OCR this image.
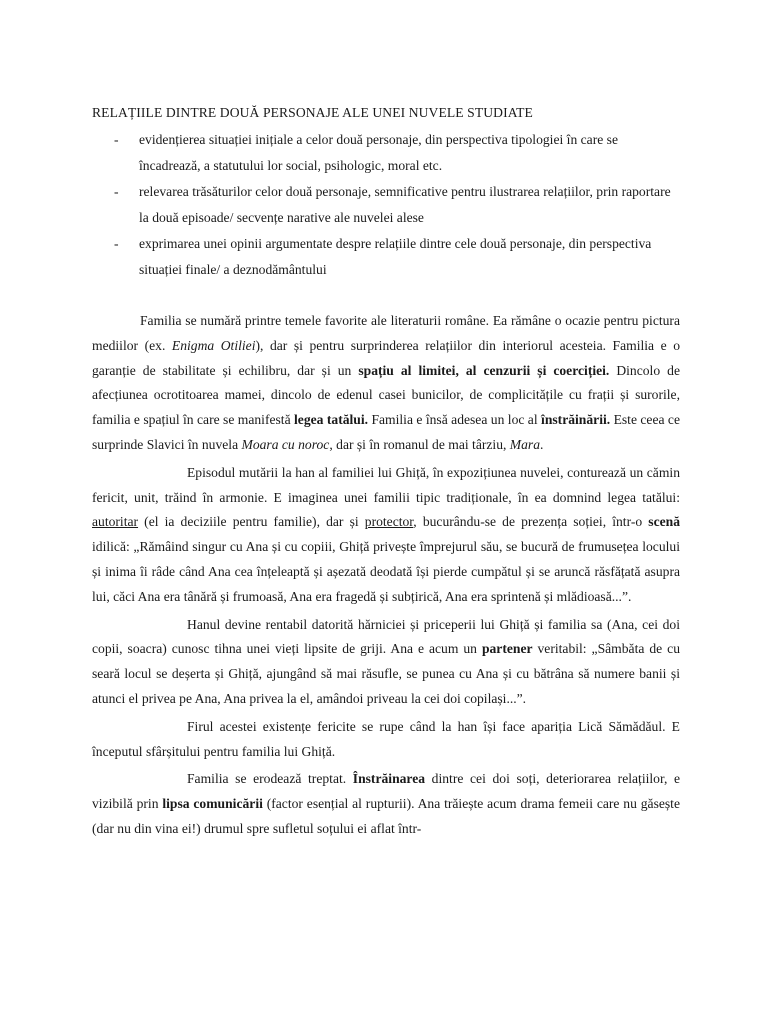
RELAȚIILE DINTRE DOUĂ PERSONAJE ALE UNEI NUVELE STUDIATE
- evidențierea situației inițiale a celor două personaje, din perspectiva tipologiei în care se încadrează, a statutului lor social, psihologic, moral etc.
- relevarea trăsăturilor celor două personaje, semnificative pentru ilustrarea relațiilor, prin raportare la două episoade/ secvențe narative ale nuvelei alese
- exprimarea unei opinii argumentate despre relațiile dintre cele două personaje, din perspectiva situației finale/ a deznodământului

Familia se numără printre temele favorite ale literaturii române. Ea rămâne o ocazie pentru pictura mediilor (ex. Enigma Otiliei), dar și pentru surprinderea relațiilor din interiorul acesteia. Familia e o garanție de stabilitate și echilibru, dar și un spațiu al limitei, al cenzurii și coerciției. Dincolo de afecțiunea ocrotitoarea mamei, dincolo de edenul casei bunicilor, de complicitățile cu frații și surorile, familia e spațiul în care se manifestă legea tatălui. Familia e însă adesea un loc al înstrăinării. Este ceea ce surprinde Slavici în nuvela Moara cu noroc, dar și în romanul de mai târziu, Mara.

Episodul mutării la han al familiei lui Ghiță, în expozițiunea nuvelei, conturează un cămin fericit, unit, trăind în armonie. E imaginea unei familii tipic tradiționale, în ea domnind legea tatălui: autoritar (el ia deciziile pentru familie), dar și protector, bucurându-se de prezența soției, într-o scenă idilică: „Rămâind singur cu Ana și cu copiii, Ghiță privește împrejurul său, se bucură de frumusețea locului și inima îi râde când Ana cea înțeleaptă și așezată deodată își pierde cumpătul și se aruncă răsfățată asupra lui, căci Ana era tânără și frumoasă, Ana era fragedă și subțirică, Ana era sprintenă și mlădioasă...”.

Hanul devine rentabil datorită hărniciei și priceperii lui Ghiță și familia sa (Ana, cei doi copii, soacra) cunosc tihna unei vieți lipsite de griji. Ana e acum un partener veritabil: „Sâmbăta de cu seară locul se deșerta și Ghiță, ajungând să mai răsufle, se punea cu Ana și cu bătrâna să numere banii și atunci el privea pe Ana, Ana privea la el, amândoi priveau la cei doi copilași...”.

Firul acestei existențe fericite se rupe când la han își face apariția Lică Sămădăul. E începutul sfârșitului pentru familia lui Ghiță.

Familia se erodează treptat. Înstrăinarea dintre cei doi soți, deteriorarea relațiilor, e vizibilă prin lipsa comunicării (factor esențial al rupturii). Ana trăiește acum drama femeii care nu găsește (dar nu din vina ei!) drumul spre sufletul soțului ei aflat într-
